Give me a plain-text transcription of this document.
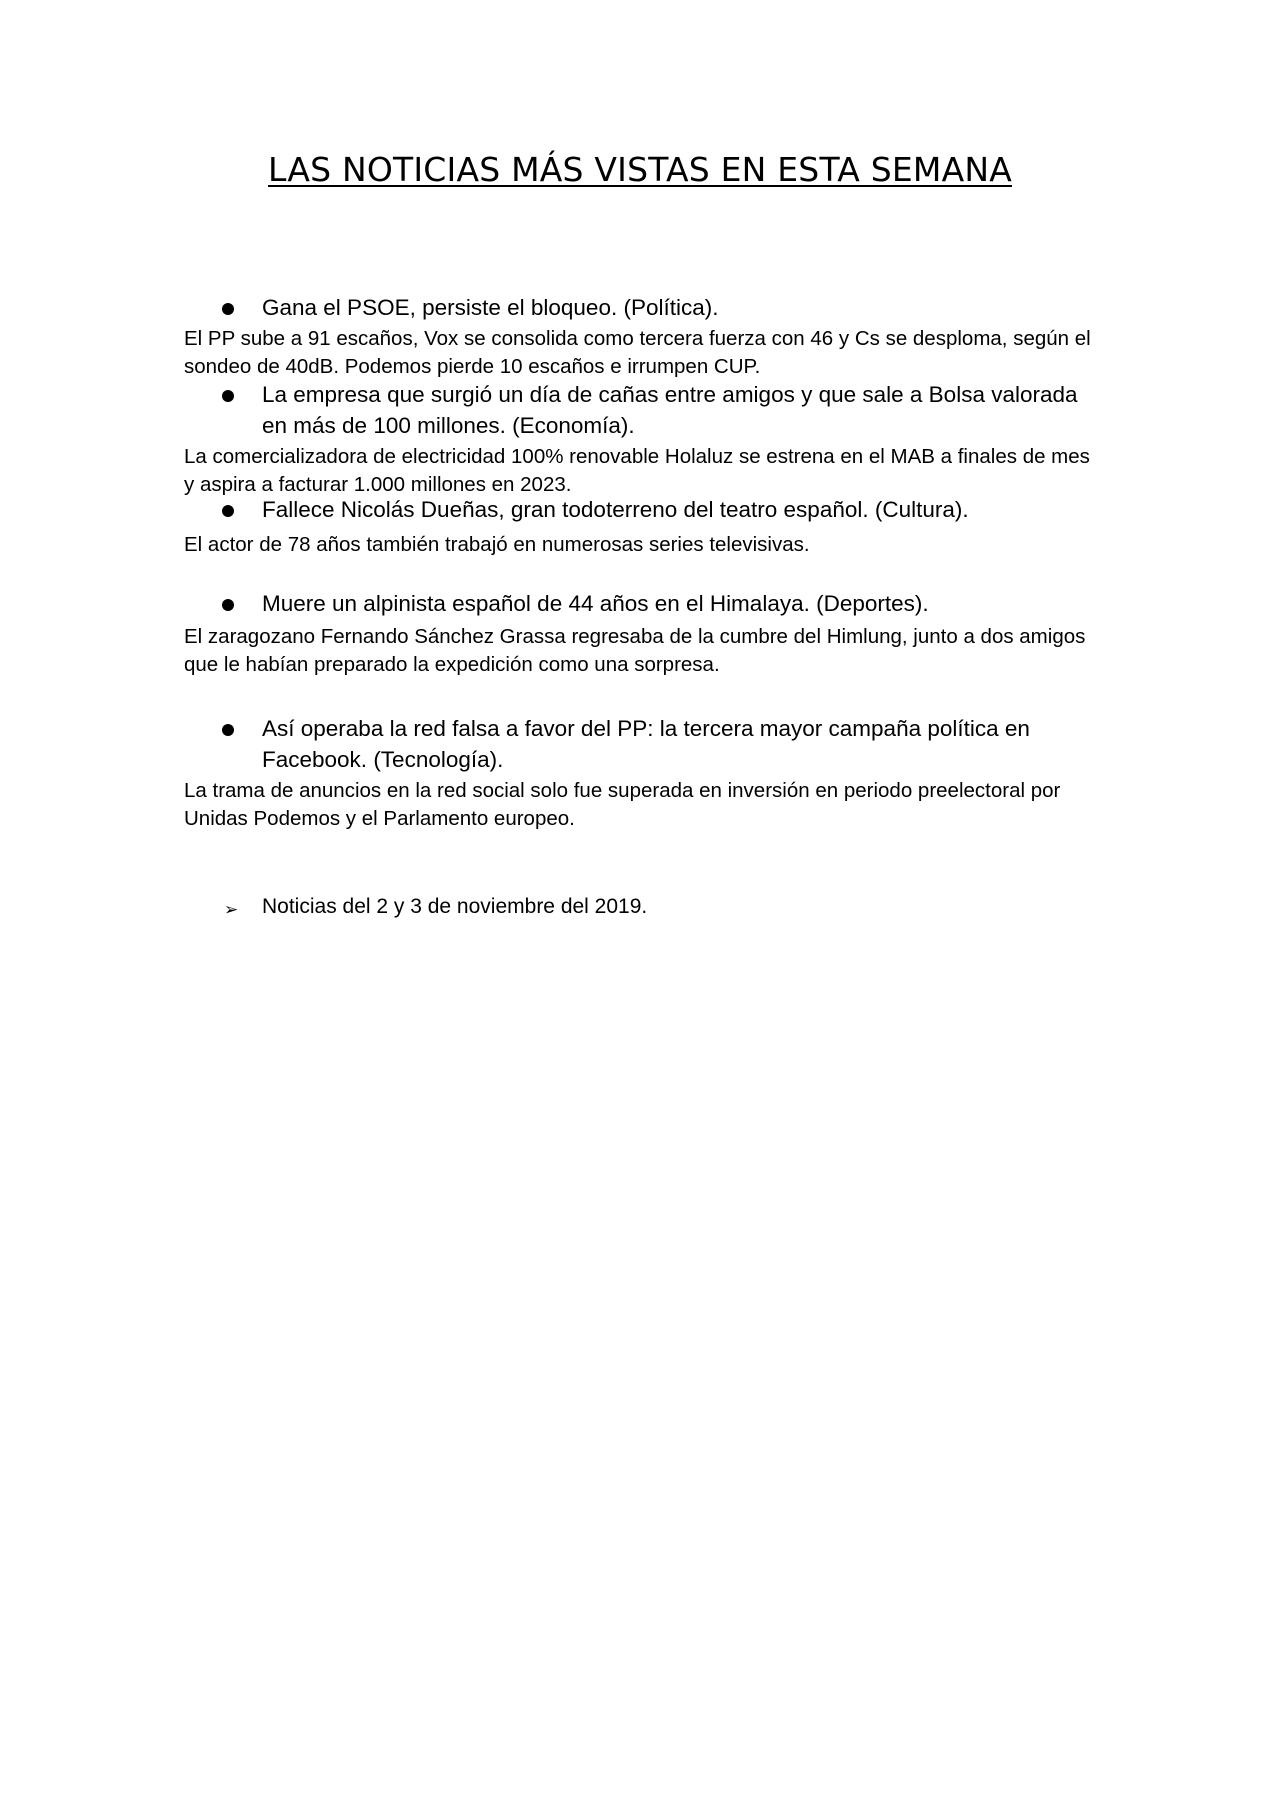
LAS NOTICIAS MÁS VISTAS EN ESTA SEMANA
Gana el PSOE, persiste el bloqueo. (Política).
El PP sube a 91 escaños, Vox se consolida como tercera fuerza con 46 y Cs se desploma, según el sondeo de 40dB. Podemos pierde 10 escaños e irrumpen CUP.
La empresa que surgió un día de cañas entre amigos y que sale a Bolsa valorada en más de 100 millones. (Economía).
La comercializadora de electricidad 100% renovable Holaluz se estrena en el MAB a finales de mes y aspira a facturar 1.000 millones en 2023.
Fallece Nicolás Dueñas, gran todoterreno del teatro español. (Cultura).
El actor de 78 años también trabajó en numerosas series televisivas.
Muere un alpinista español de 44 años en el Himalaya. (Deportes).
El zaragozano Fernando Sánchez Grassa regresaba de la cumbre del Himlung, junto a dos amigos que le habían preparado la expedición como una sorpresa.
Así operaba la red falsa a favor del PP: la tercera mayor campaña política en Facebook. (Tecnología).
La trama de anuncios en la red social solo fue superada en inversión en periodo preelectoral por Unidas Podemos y el Parlamento europeo.
➢ Noticias del 2 y 3 de noviembre del 2019.
